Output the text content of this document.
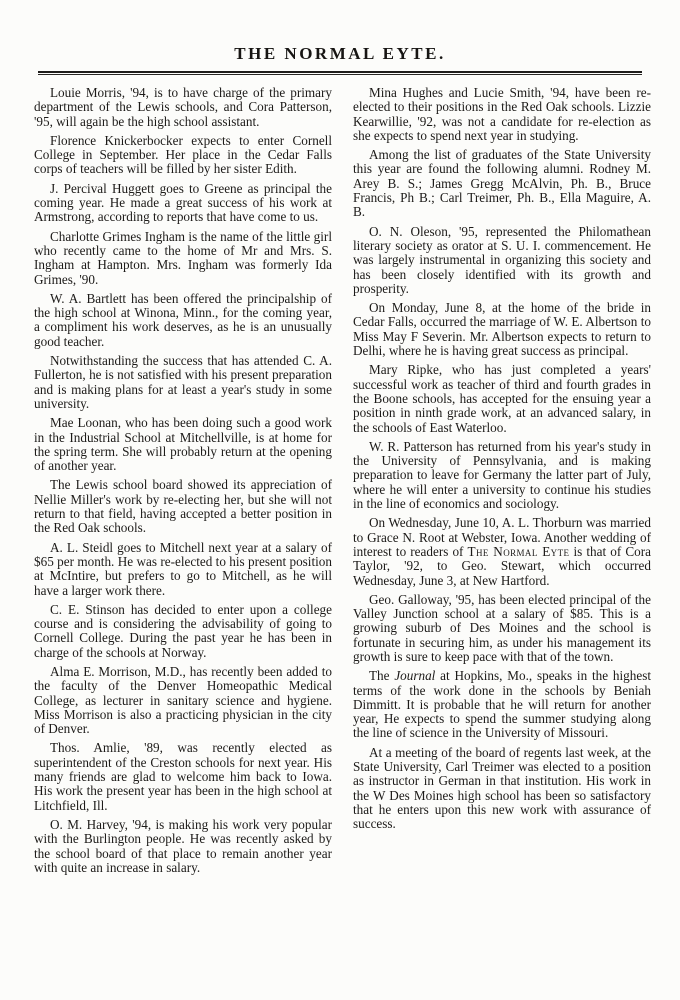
THE NORMAL EYTE.

Louie Morris, '94, is to have charge of the primary department of the Lewis schools, and Cora Patterson, '95, will again be the high school assistant.

Florence Knickerbocker expects to enter Cornell College in September. Her place in the Cedar Falls corps of teachers will be filled by her sister Edith.

J. Percival Huggett goes to Greene as principal the coming year. He made a great success of his work at Armstrong, according to reports that have come to us.

Charlotte Grimes Ingham is the name of the little girl who recently came to the home of Mr and Mrs. S. Ingham at Hampton. Mrs. Ingham was formerly Ida Grimes, '90.

W. A. Bartlett has been offered the principalship of the high school at Winona, Minn., for the coming year, a compliment his work deserves, as he is an unusually good teacher.

Notwithstanding the success that has attended C. A. Fullerton, he is not satisfied with his present preparation and is making plans for at least a year's study in some university.

Mae Loonan, who has been doing such a good work in the Industrial School at Mitchellville, is at home for the spring term. She will probably return at the opening of another year.

The Lewis school board showed its appreciation of Nellie Miller's work by re-electing her, but she will not return to that field, having accepted a better position in the Red Oak schools.

A. L. Steidl goes to Mitchell next year at a salary of $65 per month. He was re-elected to his present position at McIntire, but prefers to go to Mitchell, as he will have a larger work there.

C. E. Stinson has decided to enter upon a college course and is considering the advisability of going to Cornell College. During the past year he has been in charge of the schools at Norway.

Alma E. Morrison, M.D., has recently been added to the faculty of the Denver Homeopathic Medical College, as lecturer in sanitary science and hygiene. Miss Morrison is also a practicing physician in the city of Denver.

Thos. Amlie, '89, was recently elected as superintendent of the Creston schools for next year. His many friends are glad to welcome him back to Iowa. His work the present year has been in the high school at Litchfield, Ill.

O. M. Harvey, '94, is making his work very popular with the Burlington people. He was recently asked by the school board of that place to remain another year with quite an increase in salary.

Mina Hughes and Lucie Smith, '94, have been re-elected to their positions in the Red Oak schools. Lizzie Kearwillie, '92, was not a candidate for re-election as she expects to spend next year in studying.

Among the list of graduates of the State University this year are found the following alumni. Rodney M. Arey B. S.; James Gregg McAlvin, Ph. B., Bruce Francis, Ph B.; Carl Treimer, Ph. B., Ella Maguire, A. B.

O. N. Oleson, '95, represented the Philomathean literary society as orator at S. U. I. commencement. He was largely instrumental in organizing this society and has been closely identified with its growth and prosperity.

On Monday, June 8, at the home of the bride in Cedar Falls, occurred the marriage of W. E. Albertson to Miss May F Severin. Mr. Albertson expects to return to Delhi, where he is having great success as principal.

Mary Ripke, who has just completed a years' successful work as teacher of third and fourth grades in the Boone schools, has accepted for the ensuing year a position in ninth grade work, at an advanced salary, in the schools of East Waterloo.

W. R. Patterson has returned from his year's study in the University of Pennsylvania, and is making preparation to leave for Germany the latter part of July, where he will enter a university to continue his studies in the line of economics and sociology.

On Wednesday, June 10, A. L. Thorburn was married to Grace N. Root at Webster, Iowa. Another wedding of interest to readers of The Normal Eyte is that of Cora Taylor, '92, to Geo. Stewart, which occurred Wednesday, June 3, at New Hartford.

Geo. Galloway, '95, has been elected principal of the Valley Junction school at a salary of $85. This is a growing suburb of Des Moines and the school is fortunate in securing him, as under his management its growth is sure to keep pace with that of the town.

The Journal at Hopkins, Mo., speaks in the highest terms of the work done in the schools by Beniah Dimmitt. It is probable that he will return for another year, He expects to spend the summer studying along the line of science in the University of Missouri.

At a meeting of the board of regents last week, at the State University, Carl Treimer was elected to a position as instructor in German in that institution. His work in the W Des Moines high school has been so satisfactory that he enters upon this new work with assurance of success.
